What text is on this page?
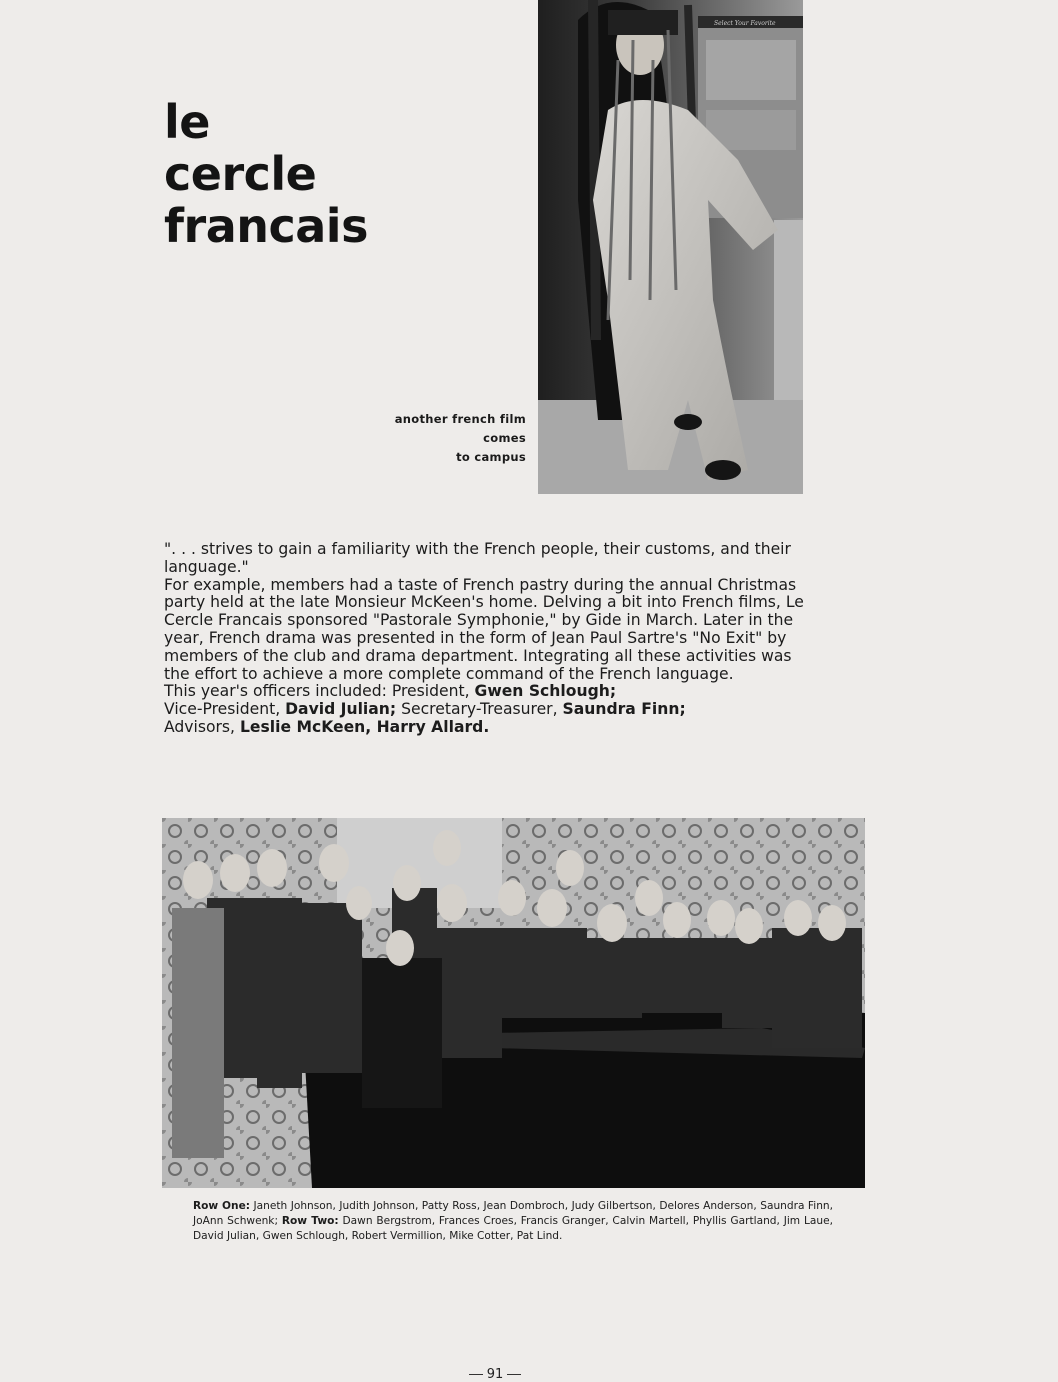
le
cercle
francais
Select Your Favorite
another french film
comes
to campus

". . . strives to gain a familiarity with the French people, their customs, and their language."

For example, members had a taste of French pastry during the annual Christmas party held at the late Monsieur McKeen's home. Delving a bit into French films, Le Cercle Francais sponsored "Pastorale Symphonie," by Gide in March. Later in the year, French drama was presented in the form of Jean Paul Sartre's "No Exit" by members of the club and drama department. Integrating all these activities was the effort to achieve a more complete command of the French language.

This year's officers included: President, Gwen Schlough;
Vice-President, David Julian; Secretary-Treasurer, Saundra Finn;
Advisors, Leslie McKeen, Harry Allard.

Row One: Janeth Johnson, Judith Johnson, Patty Ross, Jean Dombroch, Judy Gilbertson, Delores Anderson, Saundra Finn, JoAnn Schwenk; Row Two: Dawn Bergstrom, Frances Croes, Francis Granger, Calvin Martell, Phyllis Gartland, Jim Laue, David Julian, Gwen Schlough, Robert Vermillion, Mike Cotter, Pat Lind.
91
